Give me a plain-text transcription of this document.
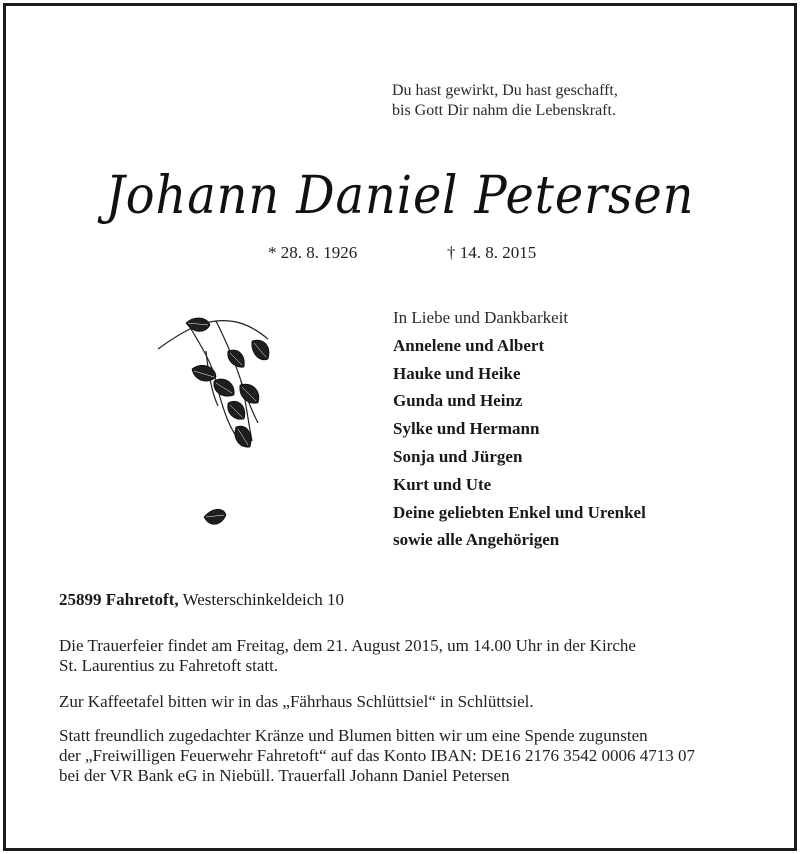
Du hast gewirkt, Du hast geschafft,
bis Gott Dir nahm die Lebenskraft.
Johann Daniel Petersen
* 28. 8. 1926	† 14. 8. 2015
In Liebe und Dankbarkeit
Annelene und Albert
Hauke und Heike
Gunda und Heinz
Sylke und Hermann
Sonja und Jürgen
Kurt und Ute
Deine geliebten Enkel und Urenkel
sowie alle Angehörigen
25899 Fahretoft, Westerschinkeldeich 10
Die Trauerfeier findet am Freitag, dem 21. August 2015, um 14.00 Uhr in der Kirche
St. Laurentius zu Fahretoft statt.
Zur Kaffeetafel bitten wir in das „Fährhaus Schlüttsiel“ in Schlüttsiel.
Statt freundlich zugedachter Kränze und Blumen bitten wir um eine Spende zugunsten
der „Freiwilligen Feuerwehr Fahretoft“ auf das Konto IBAN: DE16 2176 3542 0006 4713 07
bei der VR Bank eG in Niebüll. Trauerfall Johann Daniel Petersen
